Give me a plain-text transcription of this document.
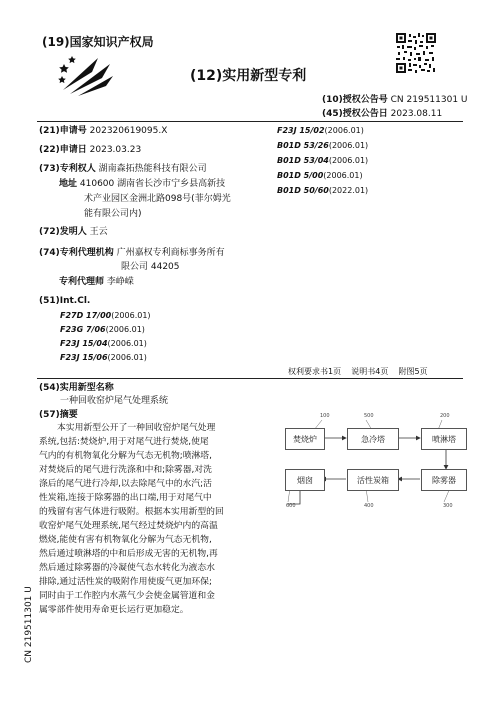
(19)国家知识产权局
(12)实用新型专利
(10)授权公告号 CN 219511301 U
(45)授权公告日 2023.08.11
(21)申请号 202320619095.X
(22)申请日 2023.03.23
(73)专利权人 湖南森拓热能科技有限公司
地址 410600 湖南省长沙市宁乡县高新技
术产业园区金洲北路098号(菲尔姆光
能有限公司内)
(72)发明人 王云
(74)专利代理机构 广州嘉权专利商标事务所有
限公司 44205
专利代理师 李峥嵘
(51)Int.Cl.
F27D 17/00(2006.01)
F23G 7/06(2006.01)
F23J 15/04(2006.01)
F23J 15/06(2006.01)
F23J 15/02(2006.01)
B01D 53/26(2006.01)
B01D 53/04(2006.01)
B01D 5/00(2006.01)
B01D 50/60(2022.01)
权利要求书1页    说明书4页    附图5页
(54)实用新型名称
一种回收窑炉尾气处理系统
(57)摘要
本实用新型公开了一种回收窑炉尾气处理
系统,包括:焚烧炉,用于对尾气进行焚烧,使尾
气内的有机物氧化分解为气态无机物;喷淋塔,
对焚烧后的尾气进行洗涤和中和;除雾器,对洗
涤后的尾气进行冷却,以去除尾气中的水汽;活
性炭箱,连接于除雾器的出口端,用于对尾气中
的残留有害气体进行吸附。根据本实用新型的回
收窑炉尾气处理系统,尾气经过焚烧炉内的高温
燃烧,能使有害有机物氧化分解为气态无机物,
然后通过喷淋塔的中和后形成无害的无机物,再
然后通过除雾器的冷凝使气态水转化为液态水
排除,通过活性炭的吸附作用使废气更加环保;
同时由于工作腔内水蒸气少会使金属管道和金
属零部件使用寿命更长运行更加稳定。
焚烧炉	急冷塔	喷淋塔
除雾器
活性炭箱
烟囱
100	500	200
300
400
600
CN 219511301 U
